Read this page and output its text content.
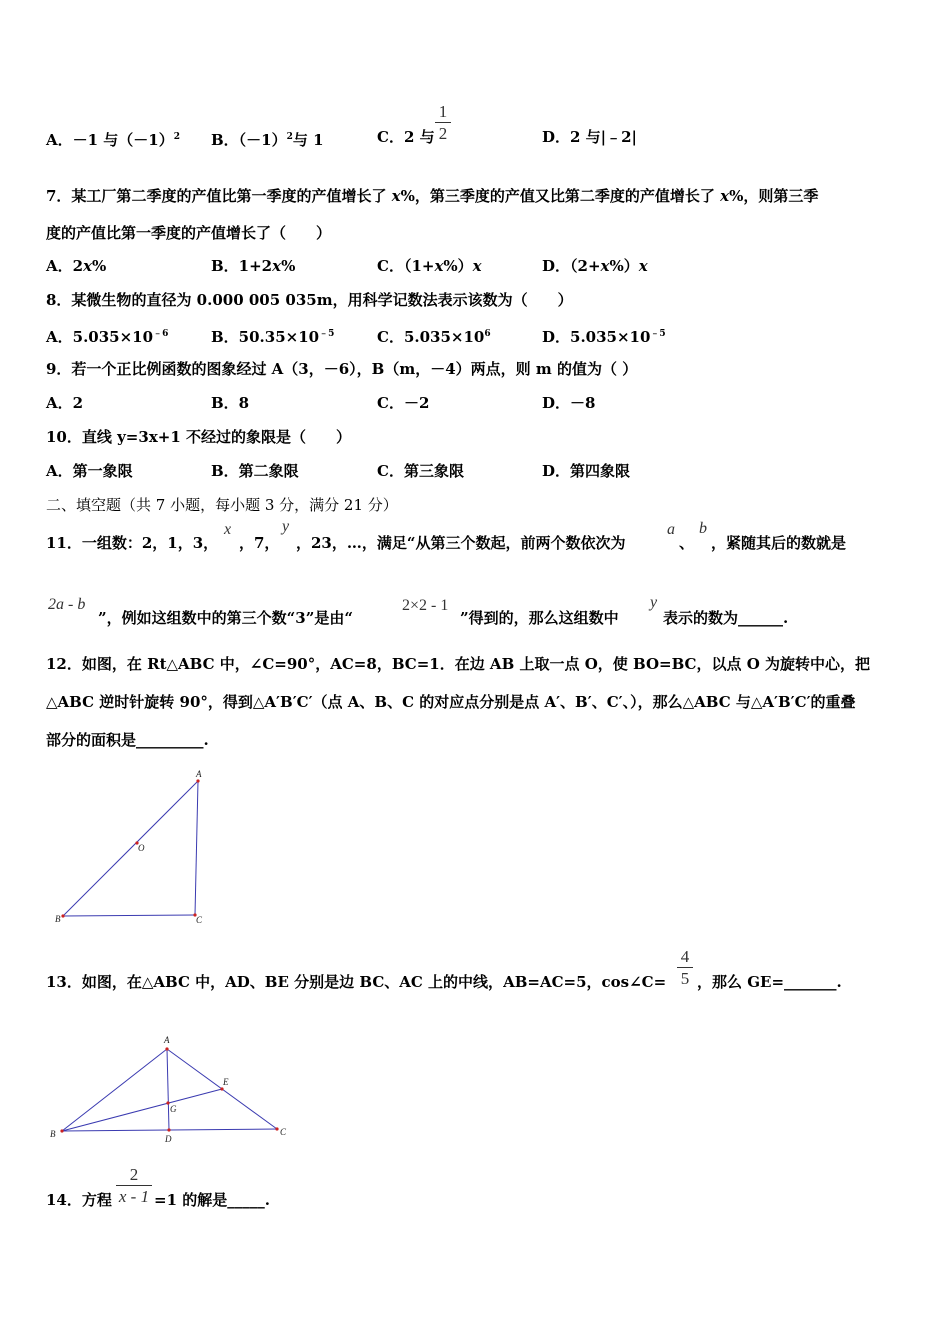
A．－1 与$(-1)^2$ B．$(-1)^2$与 1	C．2 与
1
2	D．2 与|﹣2|
7．某工厂第二季度的产值比第一季度的产值增长了 x%，第三季度的产值又比第二季度的产值增长了 x%，则第三季
度的产值比第一季度的产值增长了（　　）
A．2x%	B．1+2x%	C．（1+x%）x	D．（2+x%）x
8．某微生物的直径为 0.000 005 035m，用科学记数法表示该数为（　　）
A．$5.035\times 10^{﹣6}$	B．$50.35\times 10^{﹣5}$	C．$5.035\times 10^6$	D．$5.035\times 10^{﹣5}$
9．若一个正比例函数的图象经过 A（3，－6），B（m，－4）两点，则 m 的值为（ ）
A．2	B．8	C．－2	D．－8
10．直线 y=3x+1 不经过的象限是（　　）
A．第一象限	B．第二象限	C．第三象限	D．第四象限
二、填空题（共 7 小题，每小题 3 分，满分 21 分）
11．一组数：2，1，3，
x
，7，
y
，23，…，满足“从第三个数起，前两个数依次为
a
、
b
，紧随其后的数就是
2a - b
”，例如这组数中的第三个数“3”是由“
2×2 - 1
”得到的，那么这组数中
y
表示的数为______.
12．如图，在 Rt△ABC 中，∠C=90°，AC=8，BC=1．在边 AB 上取一点 O，使 BO=BC，以点 O 为旋转中心，把
△ABC 逆时针旋转 90°，得到△A′B′C′（点 A、B、C 的对应点分别是点 A′、B′、C′、），那么△ABC 与△A′B′C′的重叠
部分的面积是_________.
A
O
B	C
13．如图，在△ABC 中，AD、BE 分别是边 BC、AC 上的中线，AB=AC=5，cos∠C=
4
5 ，那么 GE=_______.
A
E
G
B	D
C
14．方程
2
x - 1 =1 的解是_____.
